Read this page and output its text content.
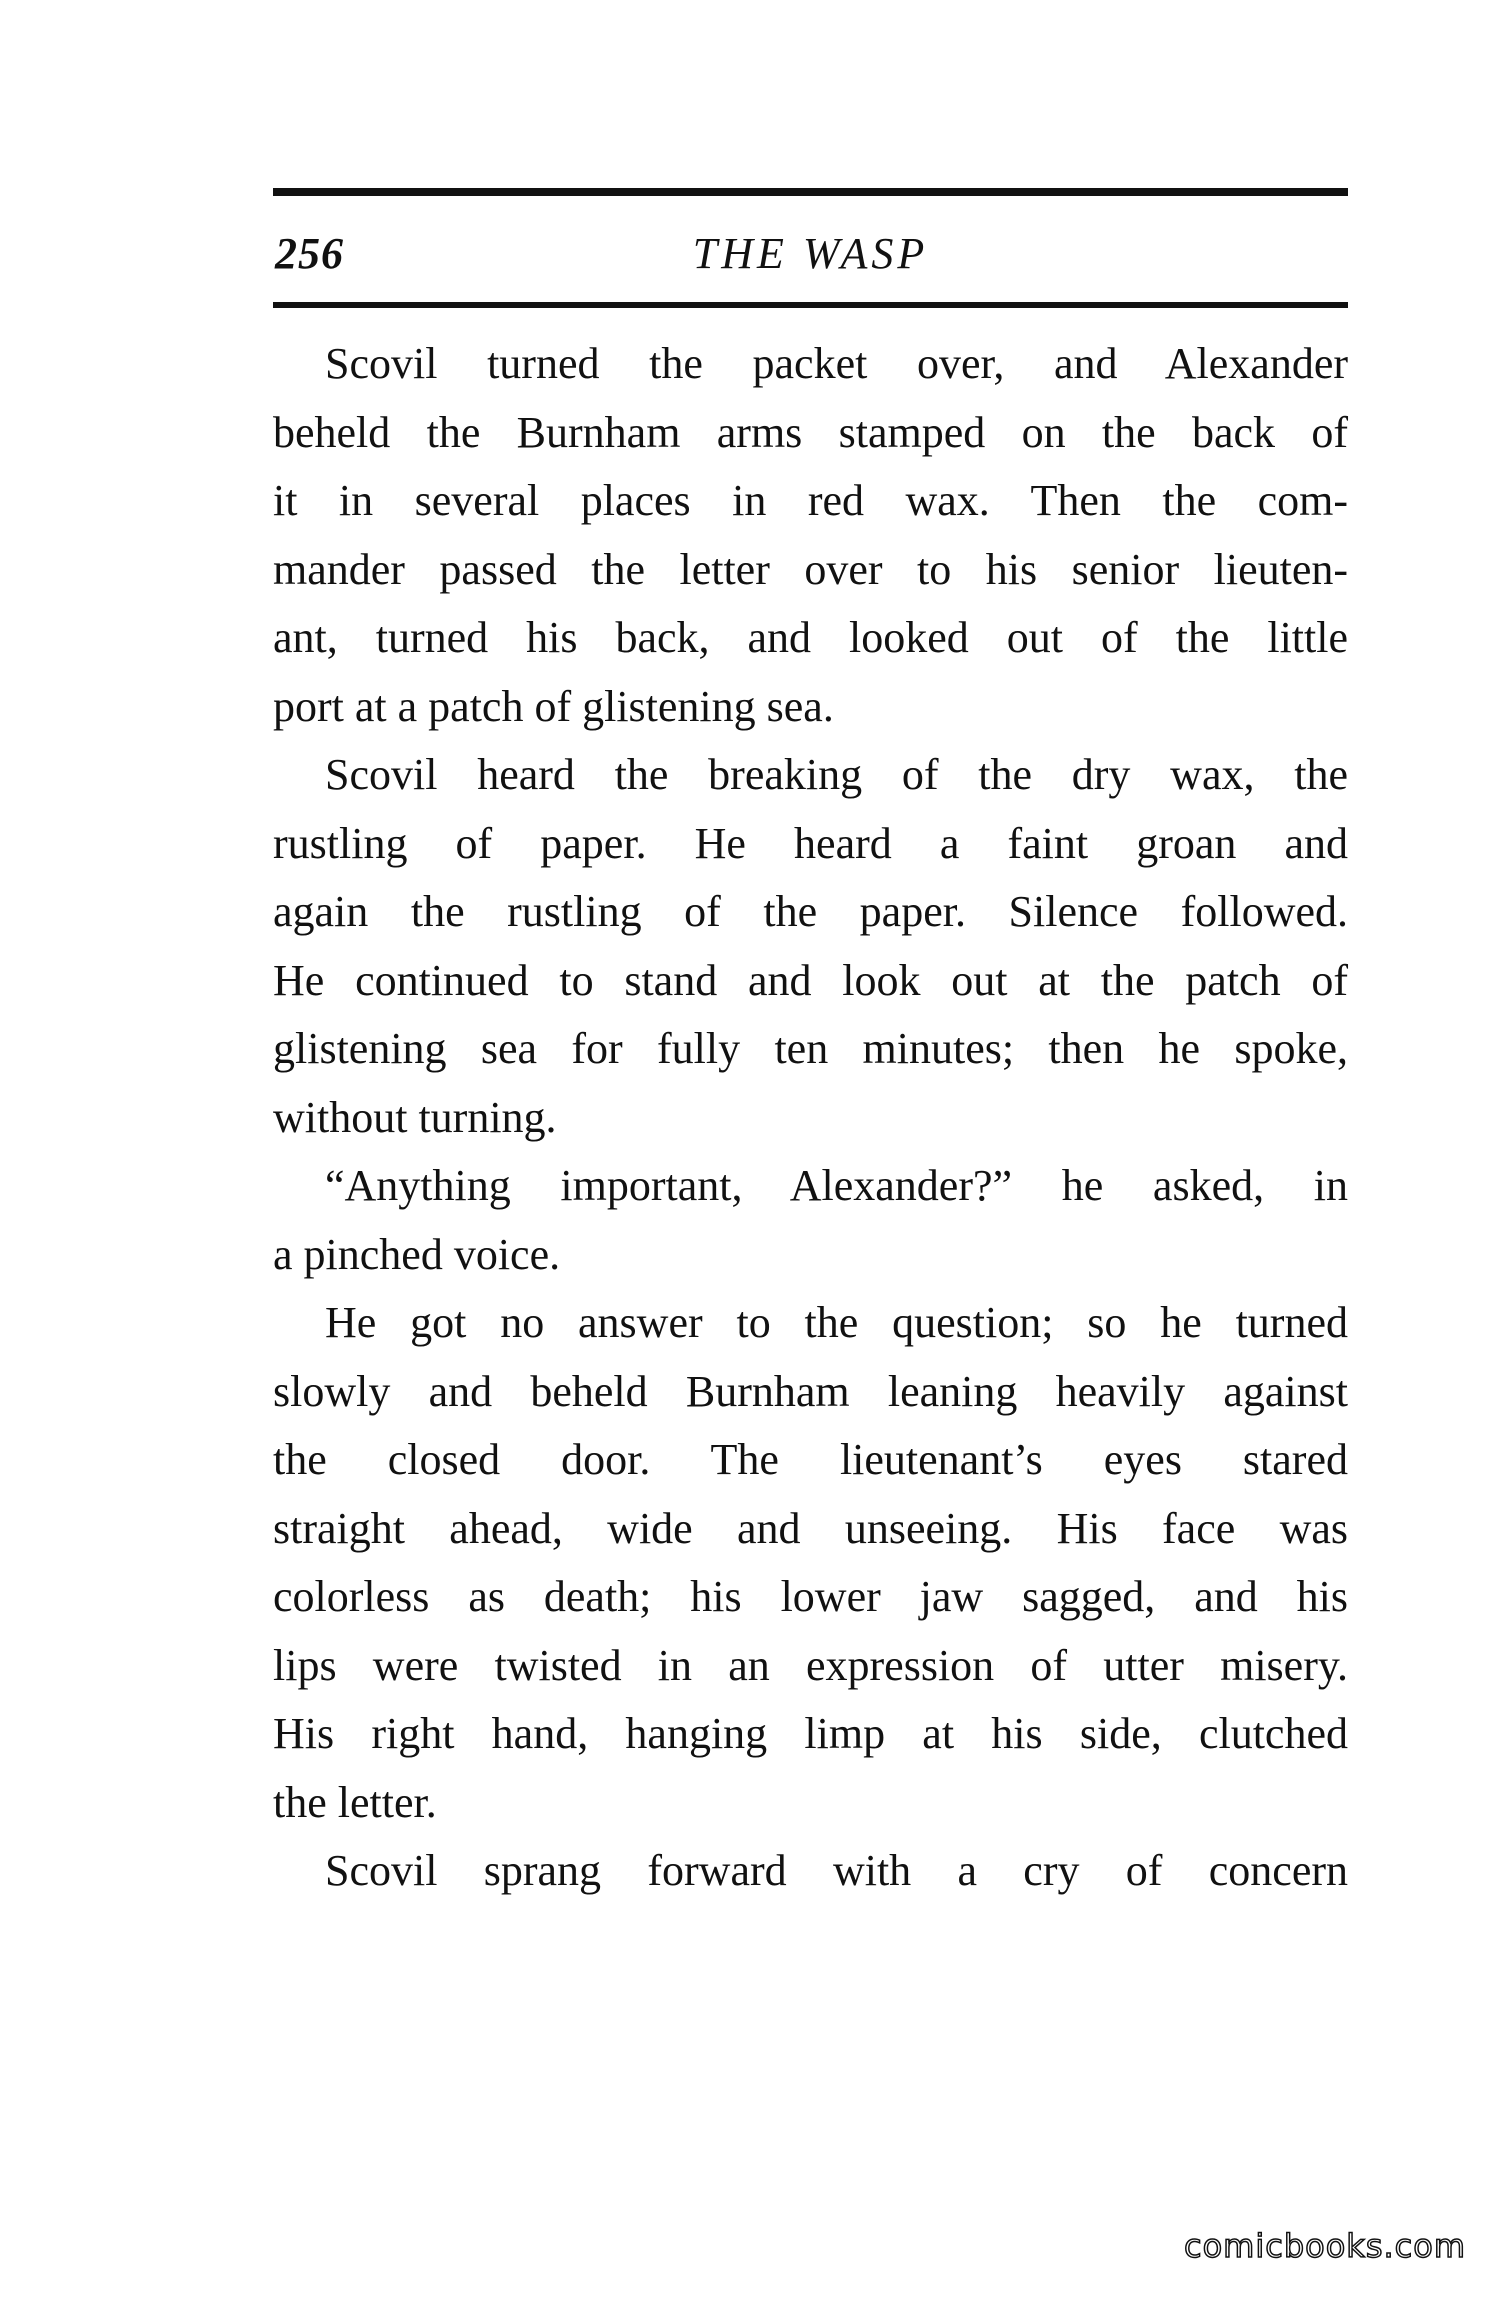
256	THE WASP
Scovil turned the packet over, and Alexander
beheld the Burnham arms stamped on the back of
it in several places in red wax. Then the com-
mander passed the letter over to his senior lieuten-
ant, turned his back, and looked out of the little
port at a patch of glistening sea.
Scovil heard the breaking of the dry wax, the
rustling of paper. He heard a faint groan and
again the rustling of the paper. Silence followed.
He continued to stand and look out at the patch of
glistening sea for fully ten minutes; then he spoke,
without turning.
“Anything important, Alexander?” he asked, in
a pinched voice.
He got no answer to the question; so he turned
slowly and beheld Burnham leaning heavily against
the closed door. The lieutenant’s eyes stared
straight ahead, wide and unseeing. His face was
colorless as death; his lower jaw sagged, and his
lips were twisted in an expression of utter misery.
His right hand, hanging limp at his side, clutched
the letter.
Scovil sprang forward with a cry of concern
comicbooks.com
